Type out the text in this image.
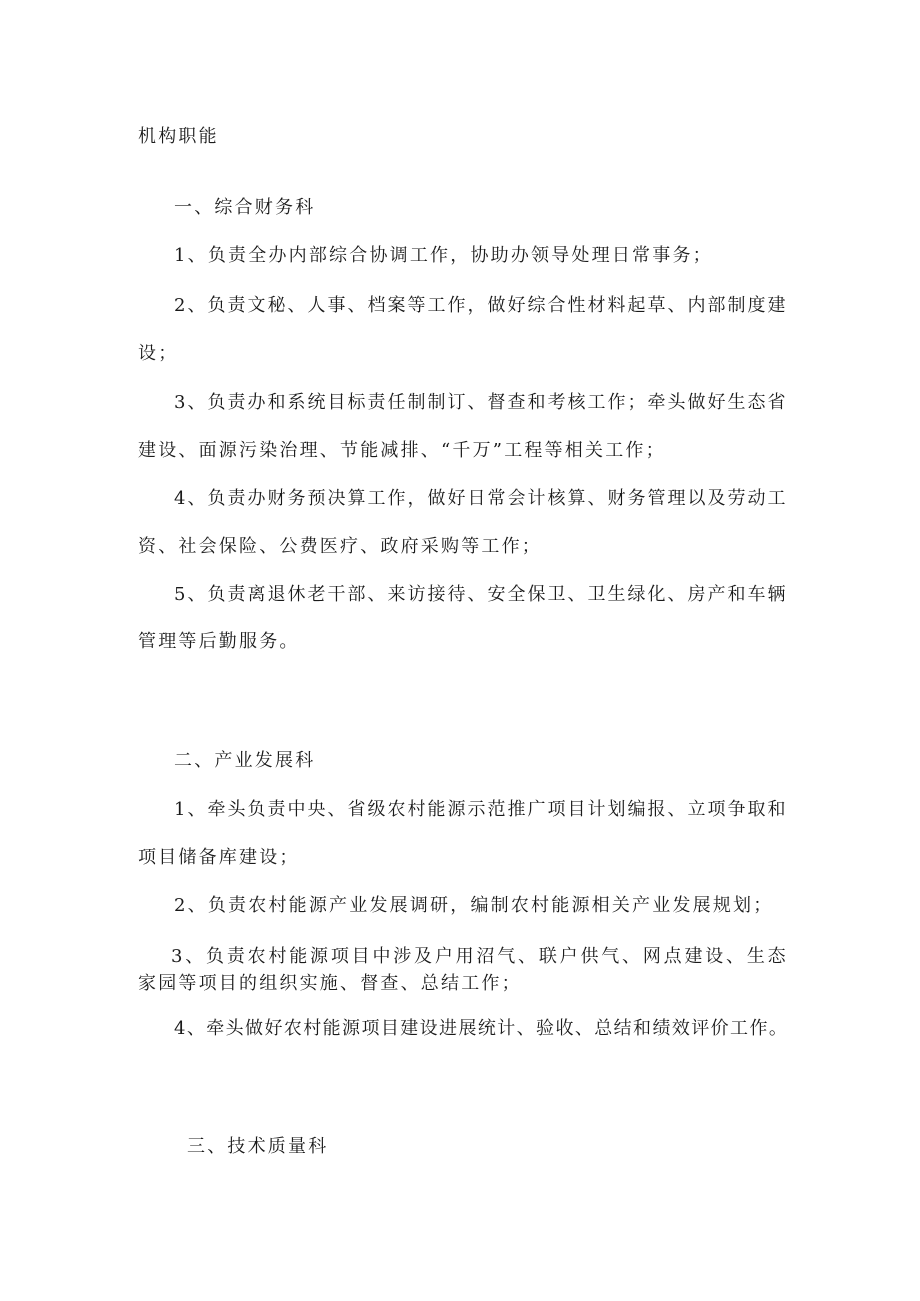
机构职能
一、综合财务科
1、负责全办内部综合协调工作，协助办领导处理日常事务；
2、负责文秘、人事、档案等工作，做好综合性材料起草、内部制度建
设；
3、负责办和系统目标责任制制订、督查和考核工作；牵头做好生态省
建设、面源污染治理、节能减排、“千万”工程等相关工作；
4、负责办财务预决算工作，做好日常会计核算、财务管理以及劳动工
资、社会保险、公费医疗、政府采购等工作；
5、负责离退休老干部、来访接待、安全保卫、卫生绿化、房产和车辆
管理等后勤服务。
二、产业发展科
1、牵头负责中央、省级农村能源示范推广项目计划编报、立项争取和
项目储备库建设；
2、负责农村能源产业发展调研，编制农村能源相关产业发展规划；
3、负责农村能源项目中涉及户用沼气、联户供气、网点建设、生态
家园等项目的组织实施、督查、总结工作；
4、牵头做好农村能源项目建设进展统计、验收、总结和绩效评价工作。
三、技术质量科
